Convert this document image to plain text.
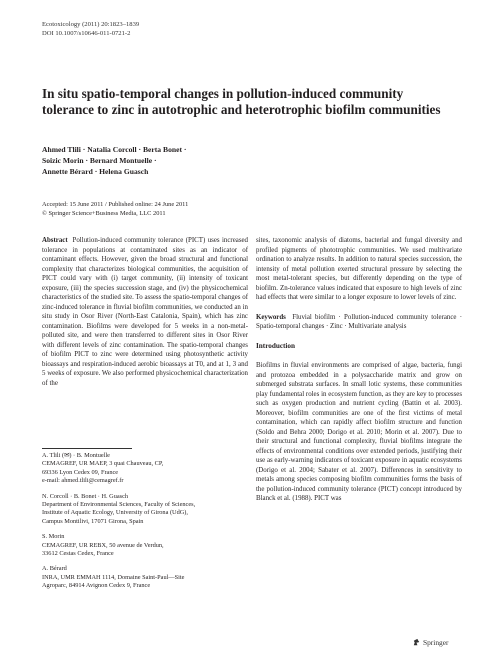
Ecotoxicology (2011) 20:1823–1839
DOI 10.1007/s10646-011-0721-2
In situ spatio-temporal changes in pollution-induced community tolerance to zinc in autotrophic and heterotrophic biofilm communities
Ahmed Tlili · Natalia Corcoll · Berta Bonet ·
Soizic Morin · Bernard Montuelle ·
Annette Bérard · Helena Guasch
Accepted: 15 June 2011 / Published online: 24 June 2011
© Springer Science+Business Media, LLC 2011

Abstract Pollution-induced community tolerance (PICT) uses increased tolerance in populations at contaminated sites as an indicator of contaminant effects. However, given the broad structural and functional complexity that characterizes biological communities, the acquisition of PICT could vary with (i) target community, (ii) intensity of toxicant exposure, (iii) the species succession stage, and (iv) the physicochemical characteristics of the studied site. To assess the spatio-temporal changes of zinc-induced tolerance in fluvial biofilm communities, we conducted an in situ study in Osor River (North-East Catalonia, Spain), which has zinc contamination. Biofilms were developed for 5 weeks in a non-metal-polluted site, and were then transferred to different sites in Osor River with different levels of zinc contamination. The spatio-temporal changes of biofilm PICT to zinc were determined using photosynthetic activity bioassays and respiration-induced aerobic bioassays at T0, and at 1, 3 and 5 weeks of exposure. We also performed physicochemical characterization of the

A. Tlili (✉) · B. Montuelle
CEMAGREF, UR MAEP, 3 quai Chauveau, CP,
69336 Lyon Cedex 09, France
e-mail: ahmed.tlili@cemagref.fr
N. Corcoll · B. Bonet · H. Guasch
Department of Environmental Sciences, Faculty of Sciences,
Institute of Aquatic Ecology, University of Girona (UdG),
Campus Montilivi, 17071 Girona, Spain
S. Morin
CEMAGREF, UR REBX, 50 avenue de Verdun,
33612 Cestas Cedex, France
A. Bérard
INRA, UMR EMMAH 1114, Domaine Saint-Paul—Site
Agroparc, 84914 Avignon Cedex 9, France

sites, taxonomic analysis of diatoms, bacterial and fungal diversity and profiled pigments of phototrophic communities. We used multivariate ordination to analyze results. In addition to natural species succession, the intensity of metal pollution exerted structural pressure by selecting the most metal-tolerant species, but differently depending on the type of biofilm. Zn-tolerance values indicated that exposure to high levels of zinc had effects that were similar to a longer exposure to lower levels of zinc.

Keywords Fluvial biofilm · Pollution-induced community tolerance · Spatio-temporal changes · Zinc · Multivariate analysis

Introduction

Biofilms in fluvial environments are comprised of algae, bacteria, fungi and protozoa embedded in a polysaccharide matrix and grow on submerged substrata surfaces. In small lotic systems, these communities play fundamental roles in ecosystem function, as they are key to processes such as oxygen production and nutrient cycling (Battin et al. 2003). Moreover, biofilm communities are one of the first victims of metal contamination, which can rapidly affect biofilm structure and function (Soldo and Behra 2000; Dorigo et al. 2010; Morin et al. 2007). Due to their structural and functional complexity, fluvial biofilms integrate the effects of environmental conditions over extended periods, justifying their use as early-warning indicators of toxicant exposure in aquatic ecosystems (Dorigo et al. 2004; Sabater et al. 2007). Differences in sensitivity to metals among species composing biofilm communities forms the basis of the pollution-induced community tolerance (PICT) concept introduced by Blanck et al. (1988). PICT was

Springer
